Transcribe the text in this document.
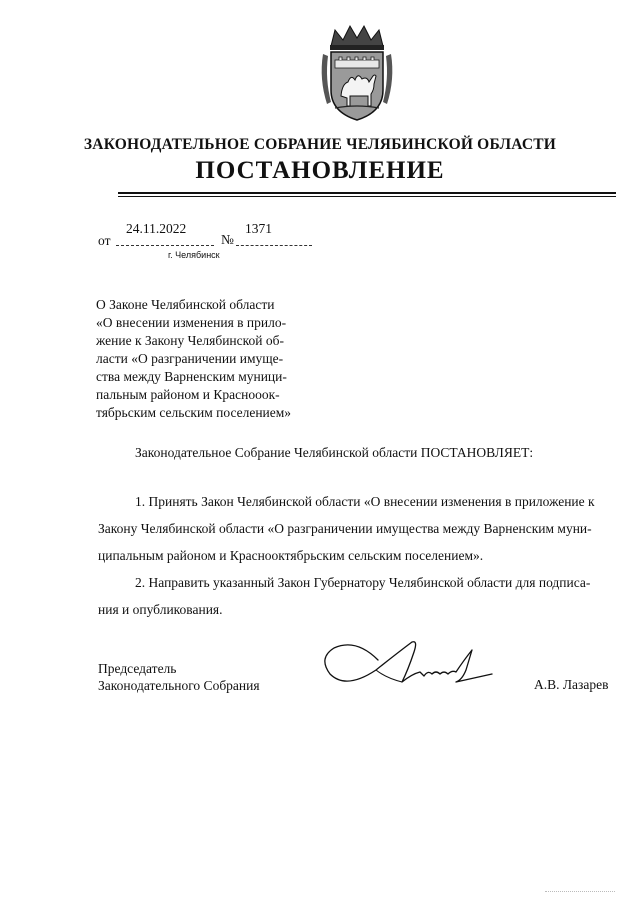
ЗАКОНОДАТЕЛЬНОЕ СОБРАНИЕ ЧЕЛЯБИНСКОЙ ОБЛАСТИ
ПОСТАНОВЛЕНИЕ
от
24.11.2022
№
1371
г. Челябинск
О Законе Челябинской области
«О внесении изменения в прило-
жение к Закону Челябинской об-
ласти «О разграничении имуще-
ства между Варненским муници-
пальным районом и Краснооок-
тябрьским сельским поселением»
Законодательное Собрание Челябинской области ПОСТАНОВЛЯЕТ:
1. Принять Закон Челябинской области «О внесении изменения в приложение к
Закону Челябинской области «О разграничении имущества между Варненским муни-
ципальным районом и Краснооктябрьским сельским поселением».
2. Направить указанный Закон Губернатору Челябинской области для подписа-
ния и опубликования.
Председатель
Законодательного Собрания	А.В. Лазарев
